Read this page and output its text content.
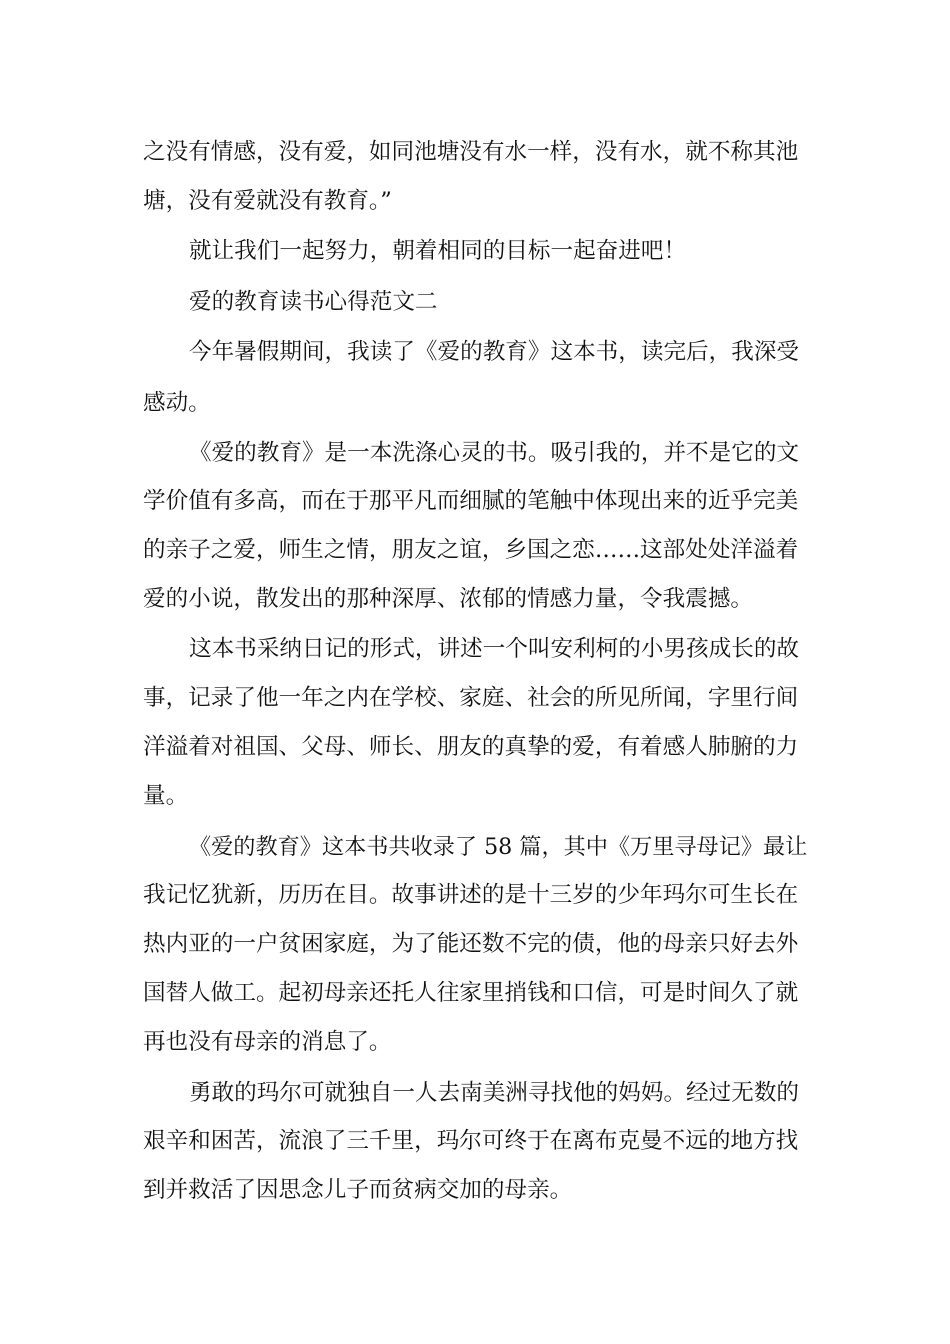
之没有情感，没有爱，如同池塘没有水一样，没有水，就不称其池
塘，没有爱就没有教育。”
就让我们一起努力，朝着相同的目标一起奋进吧！
爱的教育读书心得范文二
今年暑假期间，我读了《爱的教育》这本书，读完后，我深受
感动。
《爱的教育》是一本洗涤心灵的书。吸引我的，并不是它的文
学价值有多高，而在于那平凡而细腻的笔触中体现出来的近乎完美
的亲子之爱，师生之情，朋友之谊，乡国之恋……这部处处洋溢着
爱的小说，散发出的那种深厚、浓郁的情感力量，令我震撼。
这本书采纳日记的形式，讲述一个叫安利柯的小男孩成长的故
事，记录了他一年之内在学校、家庭、社会的所见所闻，字里行间
洋溢着对祖国、父母、师长、朋友的真挚的爱，有着感人肺腑的力
量。
《爱的教育》这本书共收录了 58 篇，其中《万里寻母记》最让
我记忆犹新，历历在目。故事讲述的是十三岁的少年玛尔可生长在
热内亚的一户贫困家庭，为了能还数不完的债，他的母亲只好去外
国替人做工。起初母亲还托人往家里捎钱和口信，可是时间久了就
再也没有母亲的消息了。
勇敢的玛尔可就独自一人去南美洲寻找他的妈妈。经过无数的
艰辛和困苦，流浪了三千里，玛尔可终于在离布克曼不远的地方找
到并救活了因思念儿子而贫病交加的母亲。
